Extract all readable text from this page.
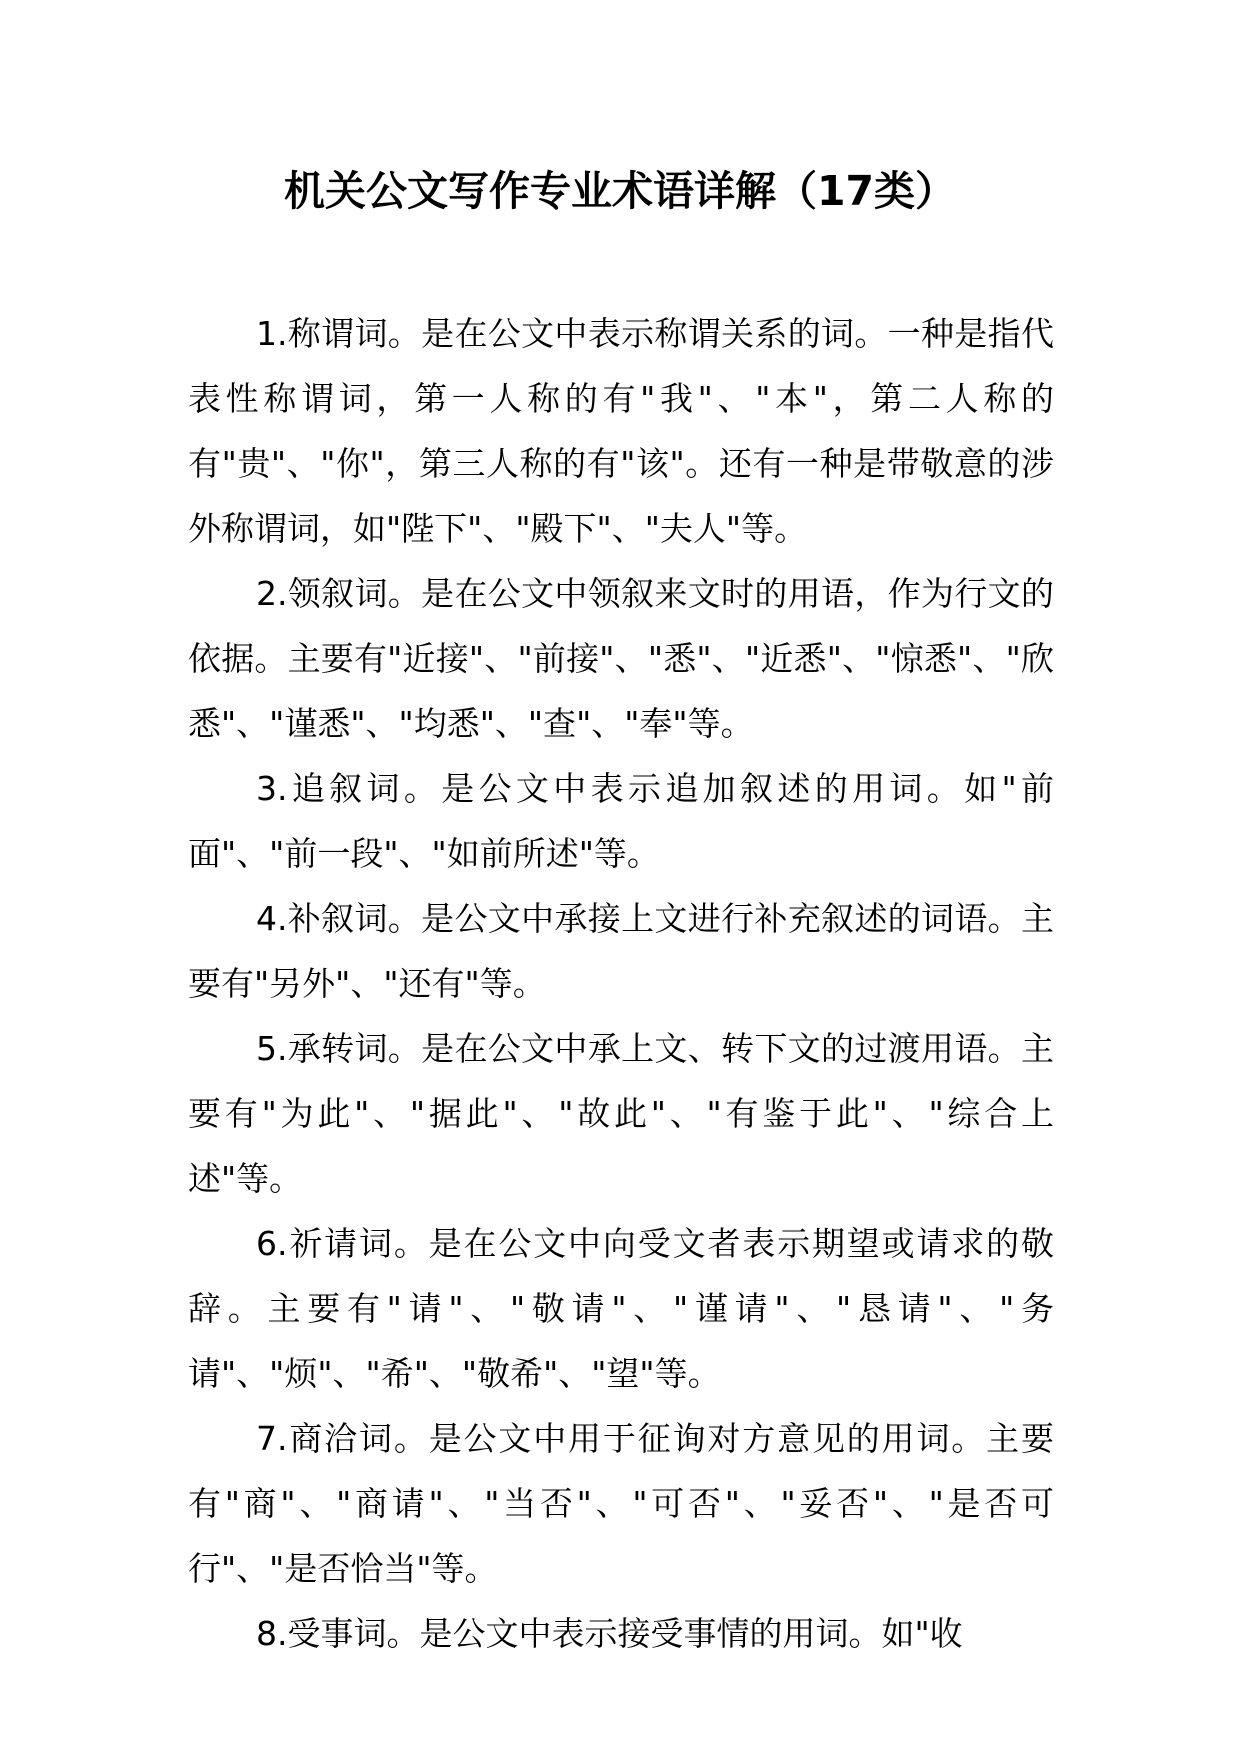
机关公文写作专业术语详解（17类）

1.称谓词。是在公文中表示称谓关系的词。一种是指代表性称谓词，第一人称的有"我"、"本"，第二人称的有"贵"、"你"，第三人称的有"该"。还有一种是带敬意的涉外称谓词，如"陛下"、"殿下"、"夫人"等。

2.领叙词。是在公文中领叙来文时的用语，作为行文的依据。主要有"近接"、"前接"、"悉"、"近悉"、"惊悉"、"欣悉"、"谨悉"、"均悉"、"查"、"奉"等。

3.追叙词。是公文中表示追加叙述的用词。如"前面"、"前一段"、"如前所述"等。

4.补叙词。是公文中承接上文进行补充叙述的词语。主要有"另外"、"还有"等。

5.承转词。是在公文中承上文、转下文的过渡用语。主要有"为此"、"据此"、"故此"、"有鉴于此"、"综合上述"等。

6.祈请词。是在公文中向受文者表示期望或请求的敬辞。主要有"请"、"敬请"、"谨请"、"恳请"、"务请"、"烦"、"希"、"敬希"、"望"等。

7.商洽词。是公文中用于征询对方意见的用词。主要有"商"、"商请"、"当否"、"可否"、"妥否"、"是否可行"、"是否恰当"等。

8.受事词。是公文中表示接受事情的用词。如"收
